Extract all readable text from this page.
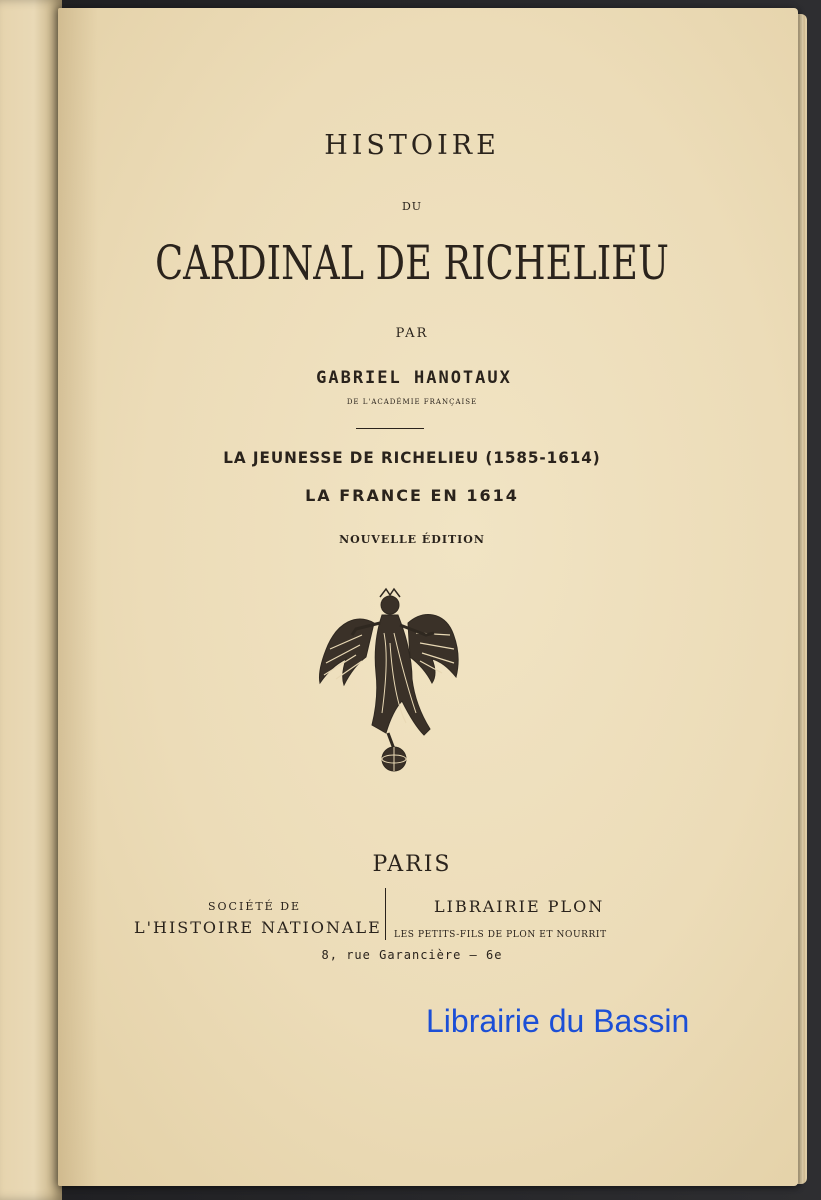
HISTOIRE
DU
CARDINAL DE RICHELIEU
PAR
GABRIEL HANOTAUX
DE L'ACADÉMIE FRANÇAISE
LA JEUNESSE DE RICHELIEU (1585-1614)
LA FRANCE EN 1614
NOUVELLE ÉDITION
PARIS
SOCIÉTÉ DE
L'HISTOIRE NATIONALE
LIBRAIRIE PLON
LES PETITS-FILS DE PLON ET NOURRIT
8, rue Garancière — 6e
Librairie du Bassin
